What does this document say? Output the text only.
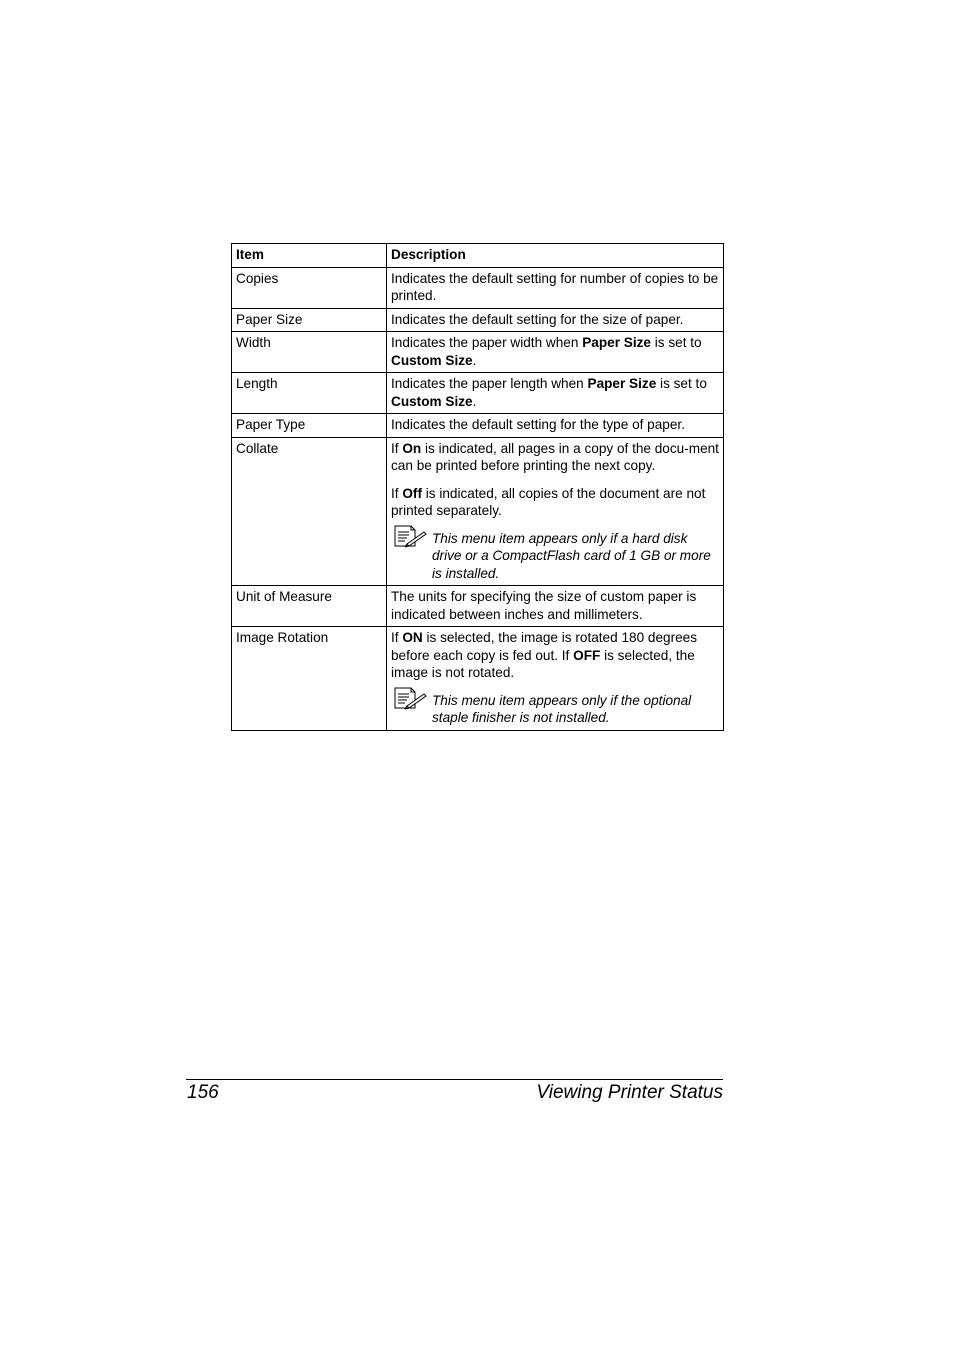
Item	Description
Copies	Indicates the default setting for number of copies to be printed.
Paper Size	Indicates the default setting for the size of paper.
Width	Indicates the paper width when Paper Size is set to Custom Size.
Length	Indicates the paper length when Paper Size is set to Custom Size.
Paper Type	Indicates the default setting for the type of paper.
Collate	If On is indicated, all pages in a copy of the docu-ment can be printed before printing the next copy.

If Off is indicated, all copies of the document are not printed separately.

This menu item appears only if a hard disk drive or a CompactFlash card of 1 GB or more is installed.

Unit of Measure	The units for specifying the size of custom paper is indicated between inches and millimeters.
Image Rotation	If ON is selected, the image is rotated 180 degrees before each copy is fed out. If OFF is selected, the image is not rotated.

This menu item appears only if the optional staple finisher is not installed.
156	Viewing Printer Status
